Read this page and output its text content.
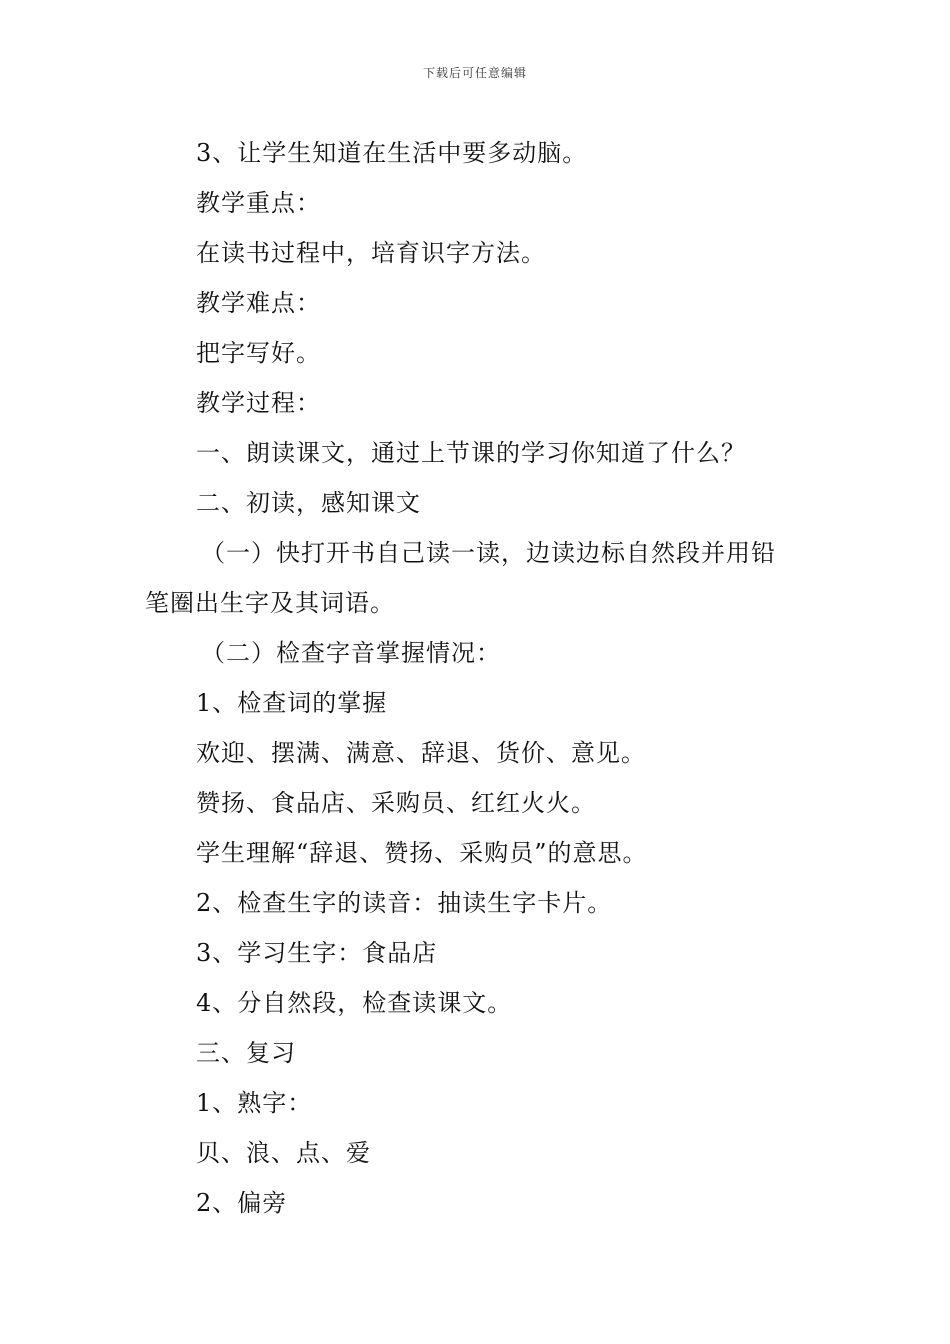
下载后可任意编辑
3、让学生知道在生活中要多动脑。
教学重点：
在读书过程中，培育识字方法。
教学难点：
把字写好。
教学过程：
一、朗读课文，通过上节课的学习你知道了什么？
二、初读，感知课文
（一）快打开书自己读一读，边读边标自然段并用铅
笔圈出生字及其词语。
（二）检查字音掌握情况：
1、检查词的掌握
欢迎、摆满、满意、辞退、货价、意见。
赞扬、食品店、采购员、红红火火。
学生理解“辞退、赞扬、采购员”的意思。
2、检查生字的读音：抽读生字卡片。
3、学习生字：食品店
4、分自然段，检查读课文。
三、复习
1、熟字：
贝、浪、点、爱
2、偏旁
